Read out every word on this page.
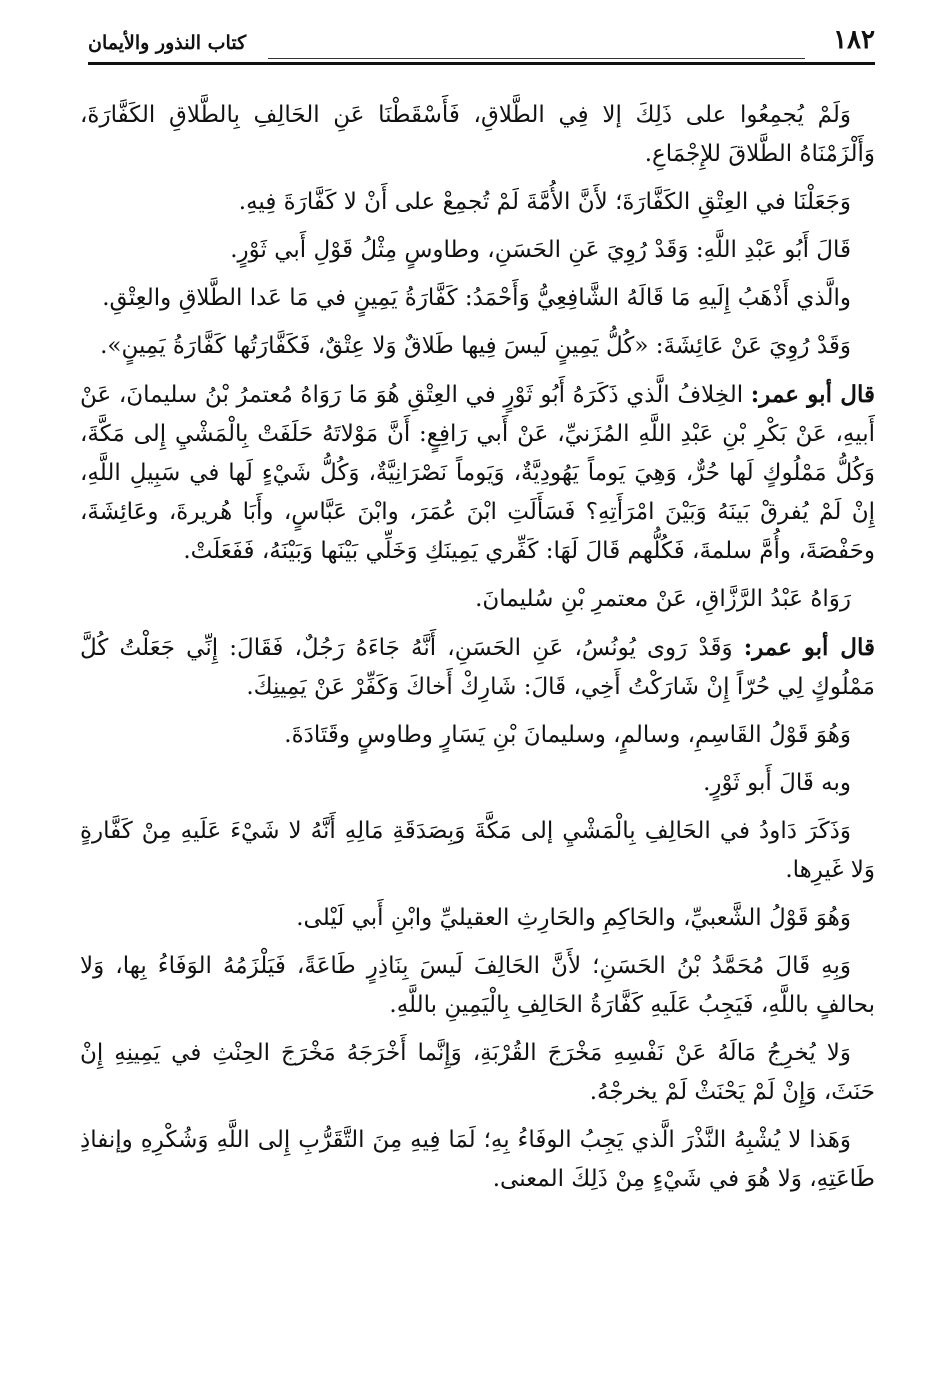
١٨٢
كتاب النذور والأيمان

وَلَمْ يُجمِعُوا على ذَلِكَ إلا فِي الطَّلاقِ، فَأَسْقَطْنَا عَنِ الحَالِفِ بِالطَّلاقِ الكَفَّارَةَ، وَأَلْزَمْنَاهُ الطَّلاقَ للإِجْمَاعِ.

وَجَعَلْنَا في العِتْقِ الكَفَّارَةَ؛ لأَنَّ الأُمَّةَ لَمْ تُجمِعْ على أَنْ لا كَفَّارَةَ فِيهِ.

قَالَ أَبُو عَبْدِ اللَّهِ: وَقَدْ رُوِيَ عَنِ الحَسَنِ، وطاوسٍ مِثْلُ قَوْلِ أَبي ثَوْرٍ.

والَّذي أَذْهَبُ إِلَيهِ مَا قَالَهُ الشَّافِعِيُّ وَأَحْمَدُ: كَفَّارَةُ يَمِينٍ في مَا عَدا الطَّلاقِ والعِتْقِ.

وَقَدْ رُوِيَ عَنْ عَائِشَةَ: «كُلُّ يَمِينٍ لَيسَ فِيها طَلاقٌ وَلا عِتْقٌ، فَكَفَّارَتُها كَفَّارَةُ يَمِينٍ».

قال أبو عمر: الخِلافُ الَّذي ذَكَرَهُ أَبُو ثَوْرٍ في العِتْقِ هُوَ مَا رَوَاهُ مُعتمرُ بْنُ سليمانَ، عَنْ أَبيهِ، عَنْ بَكْرِ بْنِ عَبْدِ اللَّهِ المُزَنيِّ، عَنْ أَبي رَافِعٍ: أَنَّ مَوْلاتَهُ حَلَفَتْ بِالْمَشْيِ إِلى مَكَّةَ، وَكُلُّ مَمْلُوكٍ لَها حُرٌّ، وَهِيَ يَوماً يَهُودِيَّةٌ، وَيَوماً نَصْرَانِيَّةٌ، وَكُلُّ شَيْءٍ لَها في سَبِيلِ اللَّهِ، إِنْ لَمْ يُفرقْ بَينَهُ وَبَيْنَ امْرَأَتِهِ؟ فَسَأَلَتِ ابْنَ عُمَرَ، وابْنَ عَبَّاسٍ، وأَبَا هُريرةَ، وعَائِشَةَ، وحَفْصَةَ، وأُمَّ سلمةَ، فَكُلُّهم قَالَ لَهَا: كَفِّري يَمِينَكِ وَخَلِّي بَيْنَها وَبَيْنَهُ، فَفَعَلَتْ.

رَوَاهُ عَبْدُ الرَّزَّاقِ، عَنْ معتمرِ بْنِ سُليمانَ.

قال أبو عمر: وَقَدْ رَوى يُونُسُ، عَنِ الحَسَنِ، أَنَّهُ جَاءَهُ رَجُلٌ، فَقَالَ: إِنِّي جَعَلْتُ كُلَّ مَمْلُوكٍ لِي حُرّاً إِنْ شَارَكْتُ أَخِي، قَالَ: شَارِكْ أَخاكَ وَكَفِّرْ عَنْ يَمِينِكَ.

وَهُوَ قَوْلُ القَاسِمِ، وسالمٍ، وسليمانَ بْنِ يَسَارٍ وطاوسٍ وقَتَادَةَ.

وبه قَالَ أَبو ثَوْرٍ.

وَذَكَرَ دَاودُ في الحَالِفِ بِالْمَشْيِ إلى مَكَّةَ وَبِصَدَقَةِ مَالِهِ أَنَّهُ لا شَيْءَ عَلَيهِ مِنْ كَفَّارةٍ وَلا غَيرِها.

وَهُوَ قَوْلُ الشَّعبيِّ، والحَاكِمِ والحَارِثِ العقيليِّ وابْنِ أَبي لَيْلى.

وَبِهِ قَالَ مُحَمَّدُ بْنُ الحَسَنِ؛ لأَنَّ الحَالِفَ لَيسَ بِنَاذِرٍ طَاعَةً، فَيَلْزَمُهُ الوَفَاءُ بِها، وَلا بحالفٍ باللَّهِ، فَيَجِبُ عَلَيهِ كَفَّارَةُ الحَالِفِ بِالْيَمِينِ باللَّهِ.

وَلا يُخرِجُ مَالَهُ عَنْ نَفْسِهِ مَخْرَجَ القُرْبَةِ، وَإِنَّما أَخْرَجَهُ مَخْرَجَ الحِنْثِ في يَمِينِهِ إِنْ حَنَثَ، وَإِنْ لَمْ يَحْنَثْ لَمْ يخرجْهُ.

وَهَذا لا يُشْبِهُ النَّذْرَ الَّذي يَجِبُ الوفَاءُ بِهِ؛ لَمَا فِيهِ مِنَ التَّقَرُّبِ إِلى اللَّهِ وَشُكْرِهِ وإنفاذِ طَاعَتِهِ، وَلا هُوَ في شَيْءٍ مِنْ ذَلِكَ المعنى.
